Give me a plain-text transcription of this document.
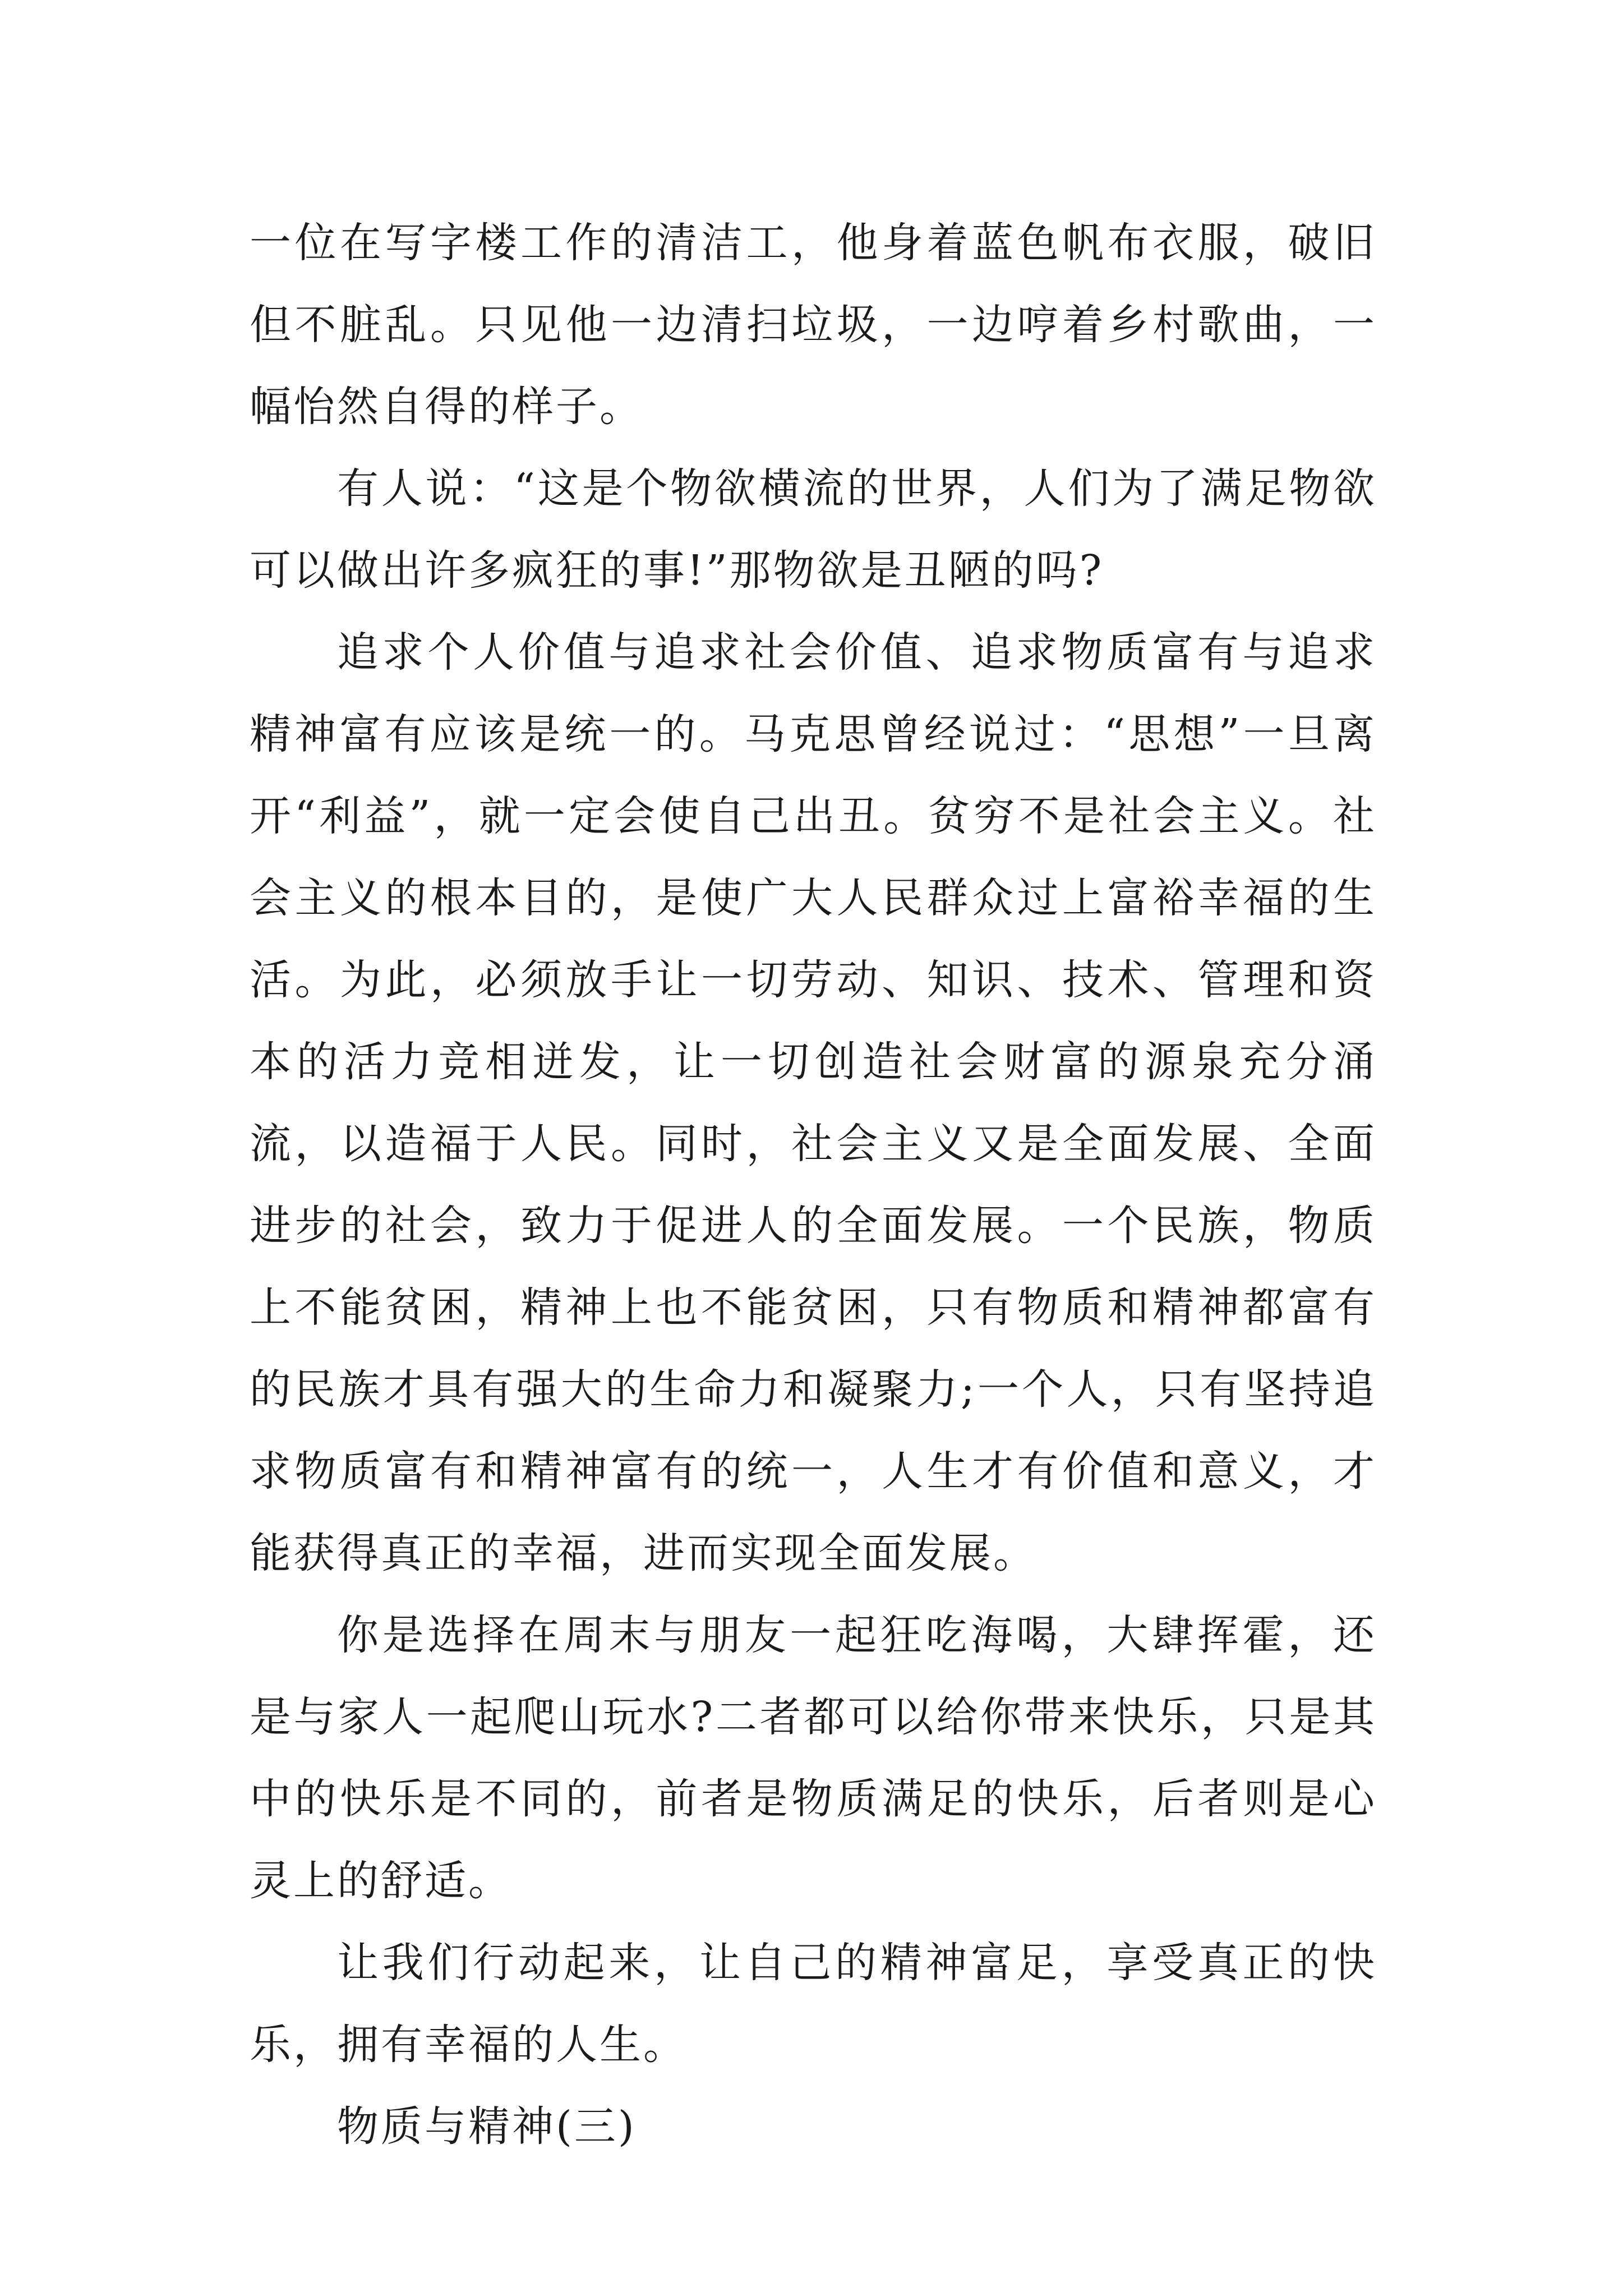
一位在写字楼工作的清洁工，他身着蓝色帆布衣服，破旧但不脏乱。只见他一边清扫垃圾，一边哼着乡村歌曲，一幅怡然自得的样子。

有人说：“这是个物欲横流的世界，人们为了满足物欲可以做出许多疯狂的事!”那物欲是丑陋的吗?

追求个人价值与追求社会价值、追求物质富有与追求精神富有应该是统一的。马克思曾经说过：“思想”一旦离开“利益”，就一定会使自己出丑。贫穷不是社会主义。社会主义的根本目的，是使广大人民群众过上富裕幸福的生活。为此，必须放手让一切劳动、知识、技术、管理和资本的活力竞相迸发，让一切创造社会财富的源泉充分涌流，以造福于人民。同时，社会主义又是全面发展、全面进步的社会，致力于促进人的全面发展。一个民族，物质上不能贫困，精神上也不能贫困，只有物质和精神都富有的民族才具有强大的生命力和凝聚力;一个人，只有坚持追求物质富有和精神富有的统一，人生才有价值和意义，才能获得真正的幸福，进而实现全面发展。

你是选择在周末与朋友一起狂吃海喝，大肆挥霍，还是与家人一起爬山玩水?二者都可以给你带来快乐，只是其中的快乐是不同的，前者是物质满足的快乐，后者则是心灵上的舒适。

让我们行动起来，让自己的精神富足，享受真正的快乐，拥有幸福的人生。

物质与精神(三)
